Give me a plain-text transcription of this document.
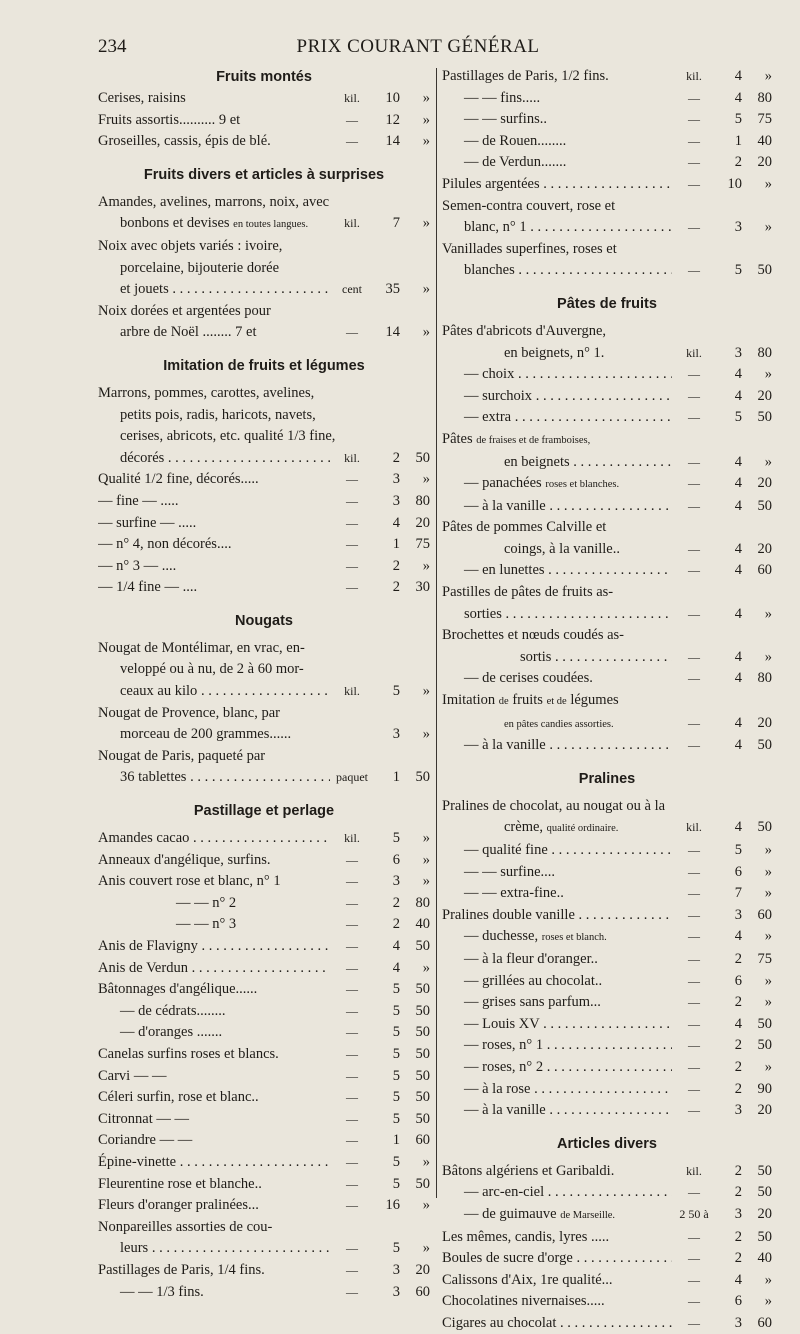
234	PRIX COURANT GÉNÉRAL
Fruits montés
Cerises, raisins	kil.	10	»
Fruits assortis.......... 9 et	—	12	»
Groseilles, cassis, épis de blé.	—	14	»
Fruits divers et articles à surprises
Amandes, avelines, marrons, noix, avec
bonbons et devises en toutes langues.	kil.	7	»
Noix avec objets variés : ivoire,
porcelaine, bijouterie dorée
et jouets . . .	cent	35	»
Noix dorées et argentées pour
arbre de Noël ........ 7 et	—	14	»
Imitation de fruits et légumes
Marrons, pommes, carottes, avelines,
petits pois, radis, haricots, navets,
cerises, abricots, etc. qualité 1/3 fine,
décorés . . .	kil.	2	50
Qualité 1/2 fine, décorés.....	—	3	»
— fine — .....	—	3	80
— surfine — .....	—	4	20
— n° 4, non décorés....	—	1	75
— n° 3 — ....	—	2	»
— 1/4 fine — ....	—	2	30
Nougats
Nougat de Montélimar, en vrac, en-
veloppé ou à nu, de 2 à 60 mor-
ceaux au kilo . . .	kil.	5	»
Nougat de Provence, blanc, par
morceau de 200 grammes......	3	»
Nougat de Paris, paqueté par
36 tablettes . . .	paquet	1	50
Pastillage et perlage
Amandes cacao . . .	kil.	5	»
Anneaux d'angélique, surfins.	—	6	»
Anis couvert rose et blanc, n° 1	—	3	»
— — n° 2	—	2	80
— — n° 3	—	2	40
Anis de Flavigny . . .	—	4	50
Anis de Verdun . . .	—	4	»
Bâtonnages d'angélique......	—	5	50
— de cédrats........	—	5	50
— d'oranges .......	—	5	50
Canelas surfins roses et blancs.	—	5	50
Carvi — —	—	5	50
Céleri surfin, rose et blanc..	—	5	50
Citronnat — —	—	5	50
Coriandre — —	—	1	60
Épine-vinette . . .	—	5	»
Fleurentine rose et blanche..	—	5	50
Fleurs d'oranger pralinées...	—	16	»
Nonpareilles assorties de cou-
leurs . . .	—	5	»
Pastillages de Paris, 1/4 fins.	—	3	20
— — 1/3 fins.	—	3	60
Pastillages de Paris, 1/2 fins.	kil.	4	»
— — fins.....	—	4	80
— — surfins..	—	5	75
— de Rouen........	—	1	40
— de Verdun.......	—	2	20
Pilules argentées . . .	—	10	»
Semen-contra couvert, rose et
blanc, n° 1 . . .	—	3	»
Vanillades superfines, roses et
blanches . . .	—	5	50
Pâtes de fruits
Pâtes d'abricots d'Auvergne,
en beignets, n° 1.	kil.	3	80
— choix . . .	—	4	»
— surchoix . . .	—	4	20
— extra . . .	—	5	50
Pâtes de fraises et de framboises,
en beignets . . .	—	4	»
— panachées roses et blanches.	—	4	20
— à la vanille . . .	—	4	50
Pâtes de pommes Calville et
coings, à la vanille..	—	4	20
— en lunettes . . .	—	4	60
Pastilles de pâtes de fruits as-
sorties . . .	—	4	»
Brochettes et nœuds coudés as-
sortis . . .	—	4	»
— de cerises coudées.	—	4	80
Imitation de fruits et de légumes
en pâtes candies assorties.	—	4	20
— à la vanille . . .	—	4	50
Pralines
Pralines de chocolat, au nougat ou à la
crème, qualité ordinaire.	kil.	4	50
— qualité fine . . .	—	5	»
— — surfine....	—	6	»
— — extra-fine..	—	7	»
Pralines double vanille . . .	—	3	60
— duchesse, roses et blanch.	—	4	»
— à la fleur d'oranger..	—	2	75
— grillées au chocolat..	—	6	»
— grises sans parfum...	—	2	»
— Louis XV . . .	—	4	50
— roses, n° 1 . . .	—	2	50
— roses, n° 2 . . .	—	2	»
— à la rose . . .	—	2	90
— à la vanille . . .	—	3	20
Articles divers
Bâtons algériens et Garibaldi.	kil.	2	50
— arc-en-ciel . . .	—	2	50
— de guimauve de Marseille.	2 50 à	3	20
Les mêmes, candis, lyres .....	—	2	50
Boules de sucre d'orge . . .	—	2	40
Calissons d'Aix, 1re qualité...	—	4	»
Chocolatines nivernaises.....	—	6	»
Cigares au chocolat . . .	—	3	60
